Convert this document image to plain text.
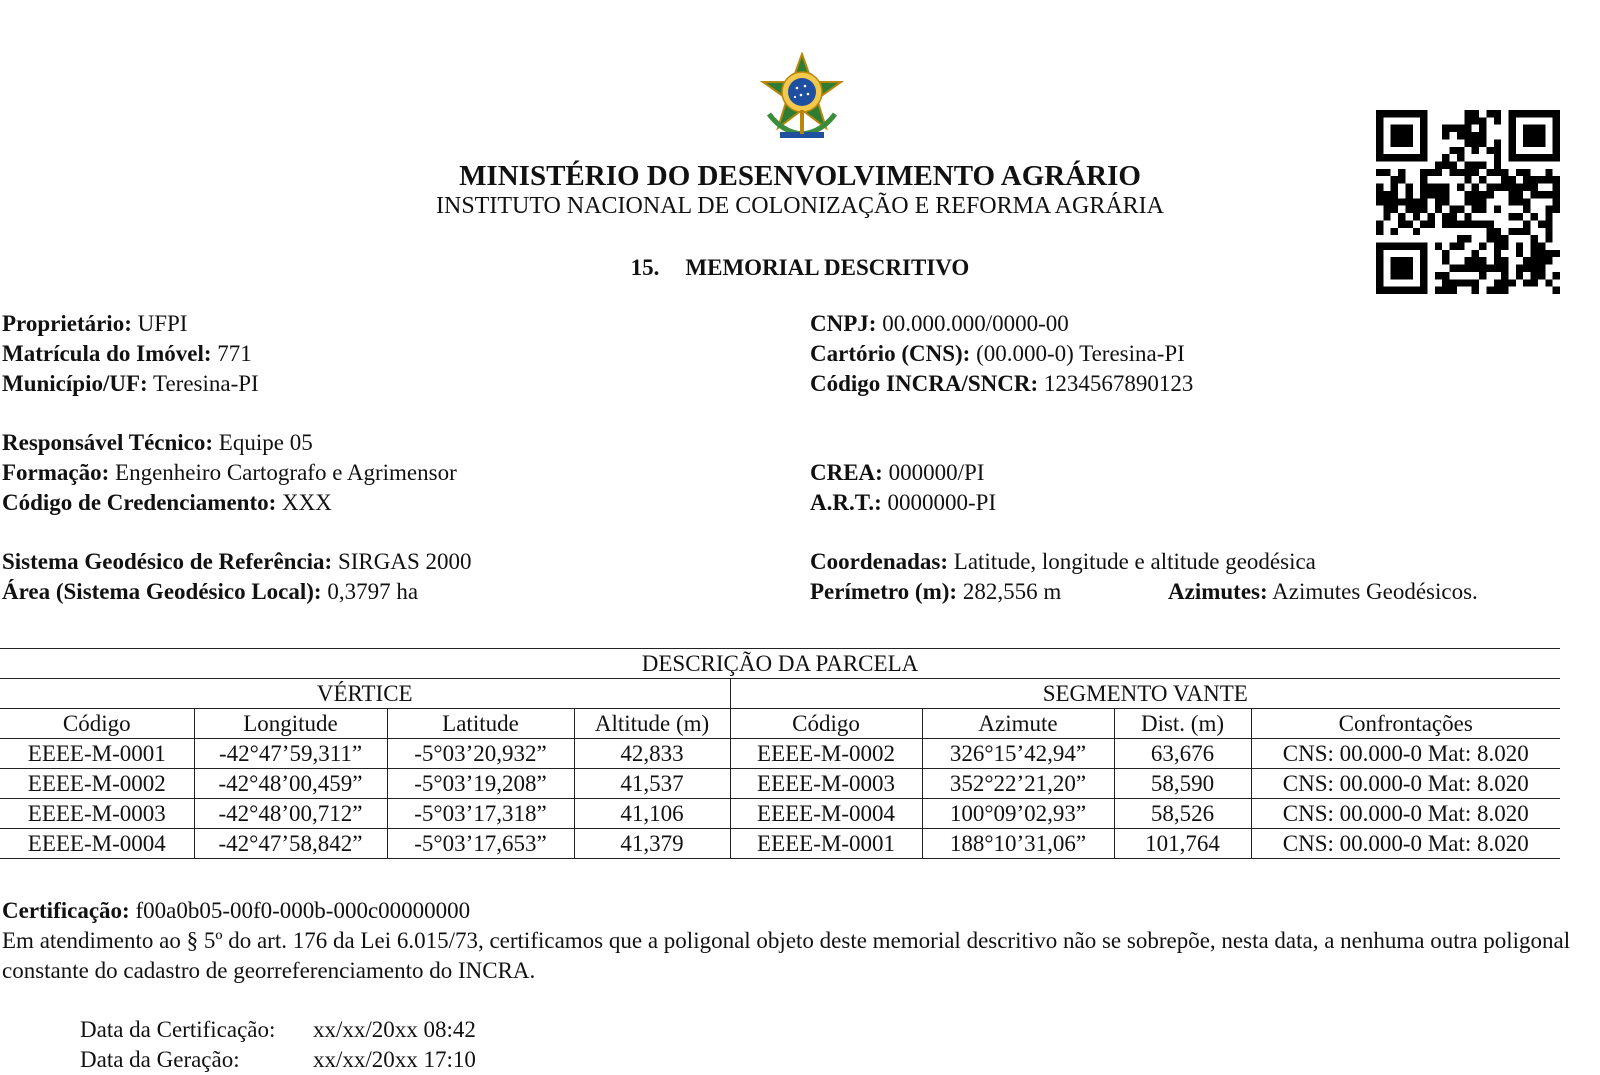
MINISTÉRIO DO DESENVOLVIMENTO AGRÁRIO
INSTITUTO NACIONAL DE COLONIZAÇÃO E REFORMA AGRÁRIA
15. MEMORIAL DESCRITIVO
Proprietário: UFPI
Matrícula do Imóvel: 771
Município/UF: Teresina-PI
CNPJ: 00.000.000/0000-00
Cartório (CNS): (00.000-0) Teresina-PI
Código INCRA/SNCR: 1234567890123
Responsável Técnico: Equipe 05
Formação: Engenheiro Cartografo e Agrimensor
Código de Credenciamento: XXX
CREA: 000000/PI
A.R.T.: 0000000-PI
Sistema Geodésico de Referência: SIRGAS 2000
Área (Sistema Geodésico Local): 0,3797 ha
Coordenadas: Latitude, longitude e altitude geodésica
Perímetro (m): 282,556 m	Azimutes: Azimutes Geodésicos.
DESCRIÇÃO DA PARCELA							
VÉRTICE				SEGMENTO VANTE			
Código	Longitude	Latitude	Altitude (m)	Código	Azimute	Dist. (m)	Confrontações
EEEE-M-0001	-42°47’59,311”	-5°03’20,932”	42,833	EEEE-M-0002	326°15’42,94”	63,676	CNS: 00.000-0 Mat: 8.020
EEEE-M-0002	-42°48’00,459”	-5°03’19,208”	41,537	EEEE-M-0003	352°22’21,20”	58,590	CNS: 00.000-0 Mat: 8.020
EEEE-M-0003	-42°48’00,712”	-5°03’17,318”	41,106	EEEE-M-0004	100°09’02,93”	58,526	CNS: 00.000-0 Mat: 8.020
EEEE-M-0004	-42°47’58,842”	-5°03’17,653”	41,379	EEEE-M-0001	188°10’31,06”	101,764	CNS: 00.000-0 Mat: 8.020
Certificação: f00a0b05-00f0-000b-000c00000000
Em atendimento ao § 5º do art. 176 da Lei 6.015/73, certificamos que a poligonal objeto deste memorial descritivo não se sobrepõe, nesta data, a nenhuma outra poligonal constante do cadastro de georreferenciamento do INCRA.
Data da Certificação: xx/xx/20xx 08:42
Data da Geração:	xx/xx/20xx 17:10
